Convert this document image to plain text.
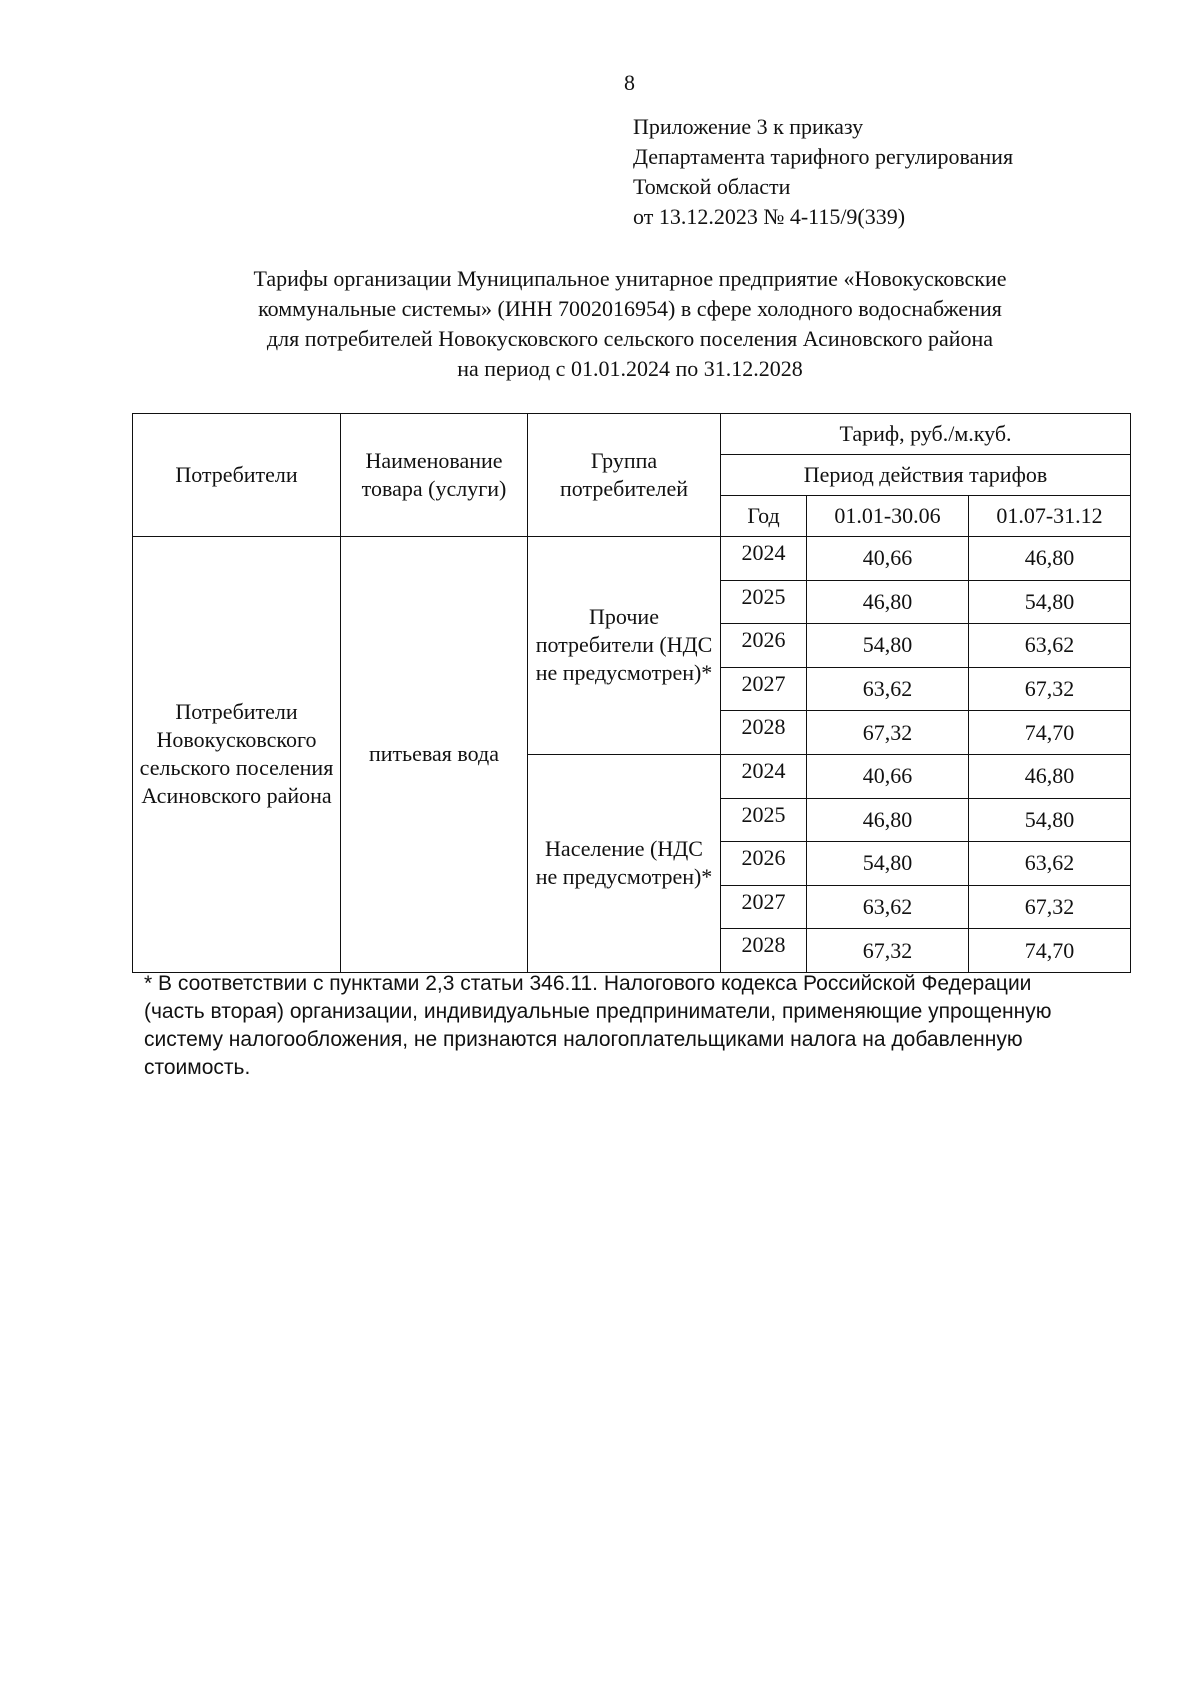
8
Приложение 3 к приказу
Департамента тарифного регулирования
Томской области
от 13.12.2023 № 4-115/9(339)
Тарифы организации Муниципальное унитарное предприятие «Новокусковские
коммунальные системы» (ИНН 7002016954) в сфере холодного водоснабжения
для потребителей Новокусковского сельского поселения Асиновского района
на период с 01.01.2024 по 31.12.2028
Потребители	Наименование товара (услуги)	Группа потребителей	Тариф, руб./м.куб.		
			Период действия тарифов		
			Год	01.01-30.06	01.07-31.12
Потребители Новокусковского сельского поселения Асиновского района	питьевая вода	Прочие потребители (НДС не предусмотрен)*	2024	40,66	46,80
			2025	46,80	54,80
			2026	54,80	63,62
			2027	63,62	67,32
			2028	67,32	74,70
		Население (НДС не предусмотрен)*	2024	40,66	46,80
			2025	46,80	54,80
			2026	54,80	63,62
			2027	63,62	67,32
			2028	67,32	74,70
* В соответствии с пунктами 2,3 статьи 346.11. Налогового кодекса Российской Федерации
(часть вторая) организации, индивидуальные предприниматели, применяющие упрощенную
систему налогообложения, не признаются налогоплательщиками налога на добавленную
стоимость.
